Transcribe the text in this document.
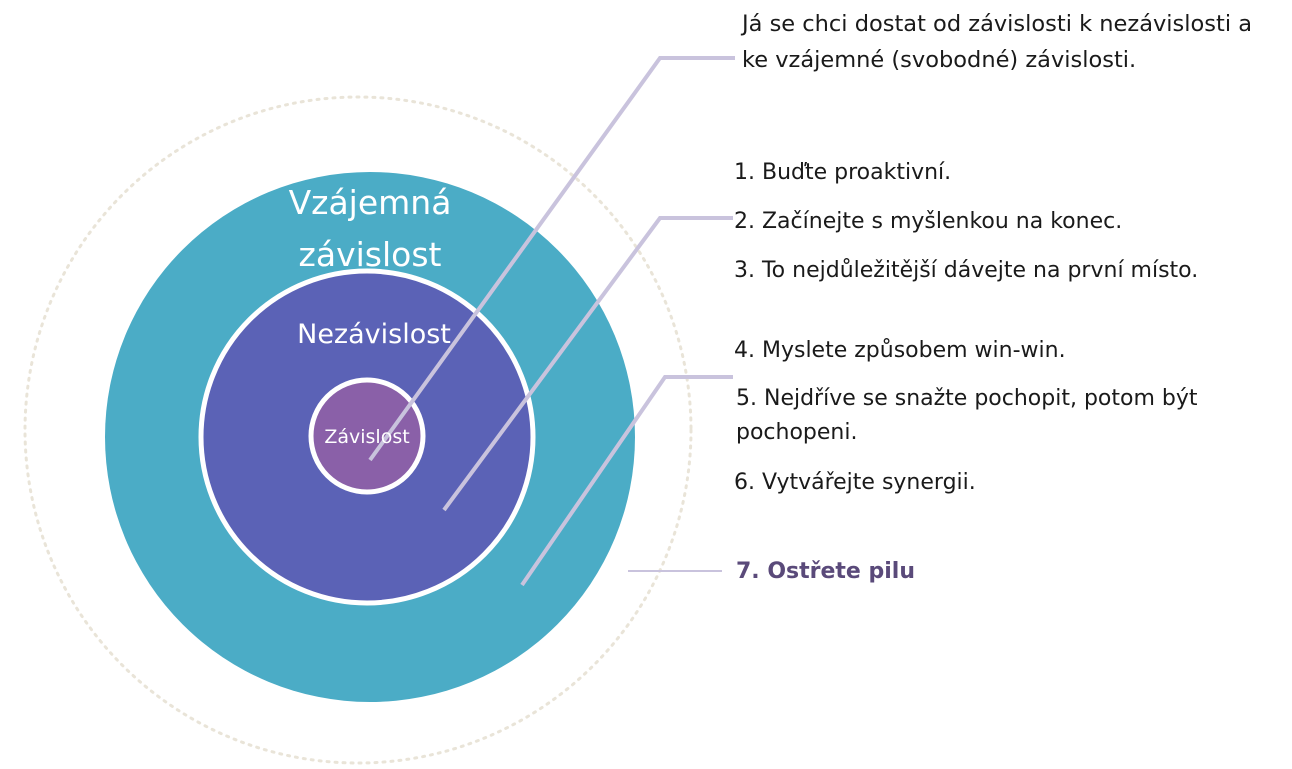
Vzájemná
závislost
Nezávislost
Závislost

Já se chci dostat od závislosti k nezávislosti a ke vzájemné (svobodné) závislosti.

1. Buďte proaktivní.

2. Začínejte s myšlenkou na konec.

3. To nejdůležitější dávejte na první místo.

4. Myslete způsobem win-win.

5. Nejdříve se snažte pochopit, potom být pochopeni.

6. Vytvářejte synergii.

7. Ostřete pilu
